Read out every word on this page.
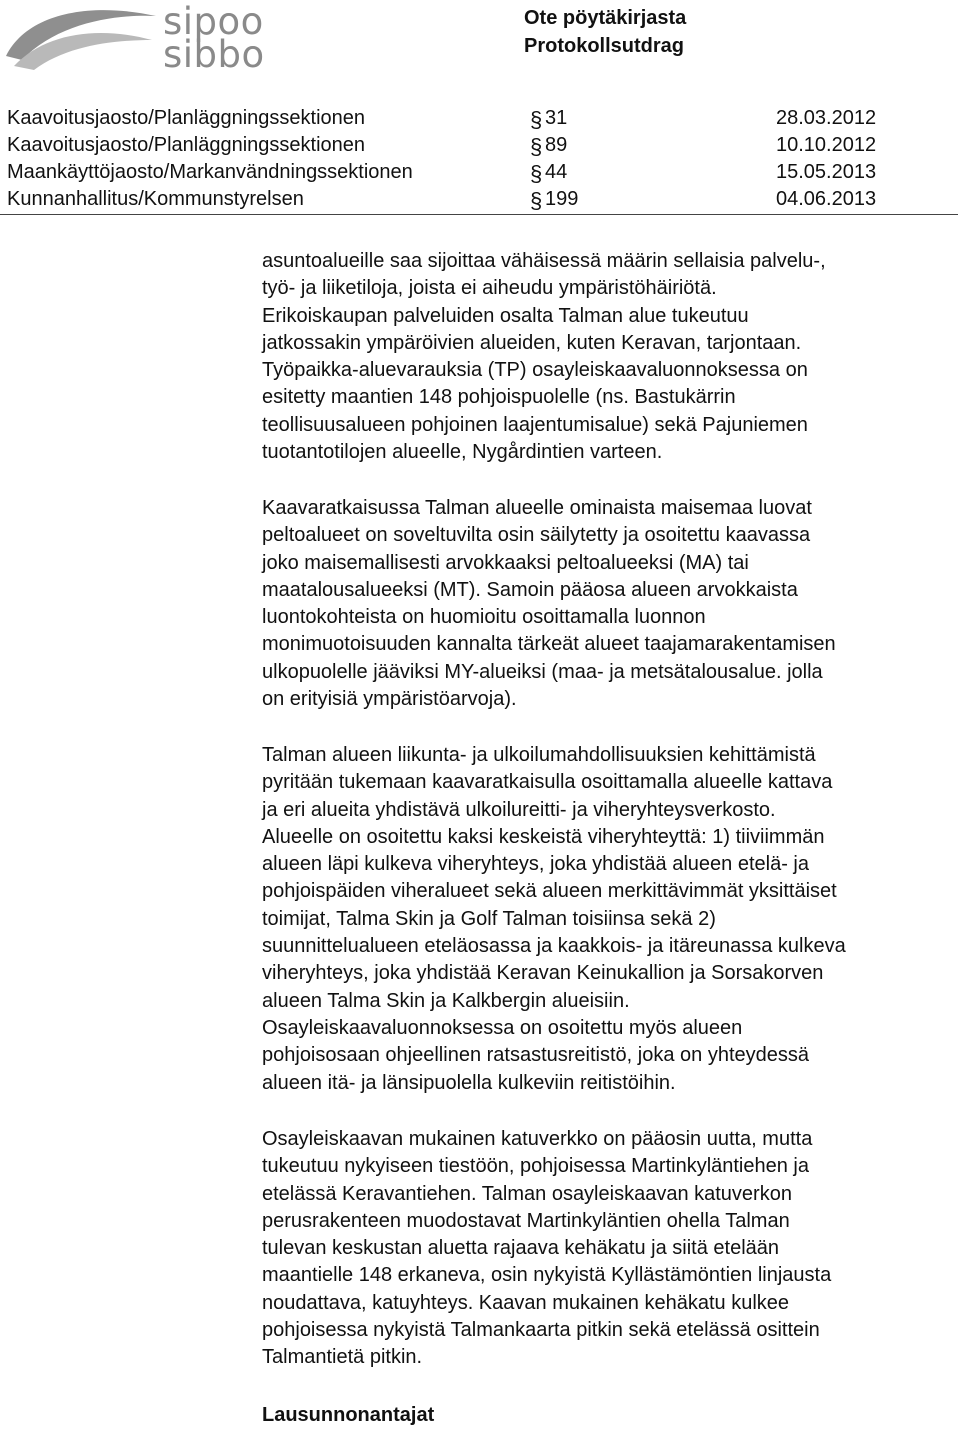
sipoo
sibbo
Ote pöytäkirjasta
Protokollsutdrag
Kaavoitusjaosto/Planläggningssektionen	§ 31	28.03.2012
Kaavoitusjaosto/Planläggningssektionen	§ 89	10.10.2012
Maankäyttöjaosto/Markanvändningssektionen	§ 44	15.05.2013
Kunnanhallitus/Kommunstyrelsen	§ 199	04.06.2013

asuntoalueille saa sijoittaa vähäisessä määrin sellaisia palvelu-,
työ- ja liiketiloja, joista ei aiheudu ympäristöhäiriötä.
Erikoiskaupan palveluiden osalta Talman alue tukeutuu
jatkossakin ympäröivien alueiden, kuten Keravan, tarjontaan.
Työpaikka-aluevarauksia (TP) osayleiskaavaluonnoksessa on
esitetty maantien 148 pohjoispuolelle (ns. Bastukärrin
teollisuusalueen pohjoinen laajentumisalue) sekä Pajuniemen
tuotantotilojen alueelle, Nygårdintien varteen.

Kaavaratkaisussa Talman alueelle ominaista maisemaa luovat
peltoalueet on soveltuvilta osin säilytetty ja osoitettu kaavassa
joko maisemallisesti arvokkaaksi peltoalueeksi (MA) tai
maatalousalueeksi (MT). Samoin pääosa alueen arvokkaista
luontokohteista on huomioitu osoittamalla luonnon
monimuotoisuuden kannalta tärkeät alueet taajamarakentamisen
ulkopuolelle jääviksi MY-alueiksi (maa- ja metsätalousalue. jolla
on erityisiä ympäristöarvoja).

Talman alueen liikunta- ja ulkoilumahdollisuuksien kehittämistä
pyritään tukemaan kaavaratkaisulla osoittamalla alueelle kattava
ja eri alueita yhdistävä ulkoilureitti- ja viheryhteysverkosto.
Alueelle on osoitettu kaksi keskeistä viheryhteyttä: 1) tiiviimmän
alueen läpi kulkeva viheryhteys, joka yhdistää alueen etelä- ja
pohjoispäiden viheralueet sekä alueen merkittävimmät yksittäiset
toimijat, Talma Skin ja Golf Talman toisiinsa sekä 2)
suunnittelualueen eteläosassa ja kaakkois- ja itäreunassa kulkeva
viheryhteys, joka yhdistää Keravan Keinukallion ja Sorsakorven
alueen Talma Skin ja Kalkbergin alueisiin.
Osayleiskaavaluonnoksessa on osoitettu myös alueen
pohjoisosaan ohjeellinen ratsastusreitistö, joka on yhteydessä
alueen itä- ja länsipuolella kulkeviin reitistöihin.

Osayleiskaavan mukainen katuverkko on pääosin uutta, mutta
tukeutuu nykyiseen tiestöön, pohjoisessa Martinkyläntiehen ja
etelässä Keravantiehen. Talman osayleiskaavan katuverkon
perusrakenteen muodostavat Martinkyläntien ohella Talman
tulevan keskustan aluetta rajaava kehäkatu ja siitä etelään
maantielle 148 erkaneva, osin nykyistä Kyllästämöntien linjausta
noudattava, katuyhteys. Kaavan mukainen kehäkatu kulkee
pohjoisessa nykyistä Talmankaarta pitkin sekä etelässä osittein
Talmantietä pitkin.

Lausunnonantajat
